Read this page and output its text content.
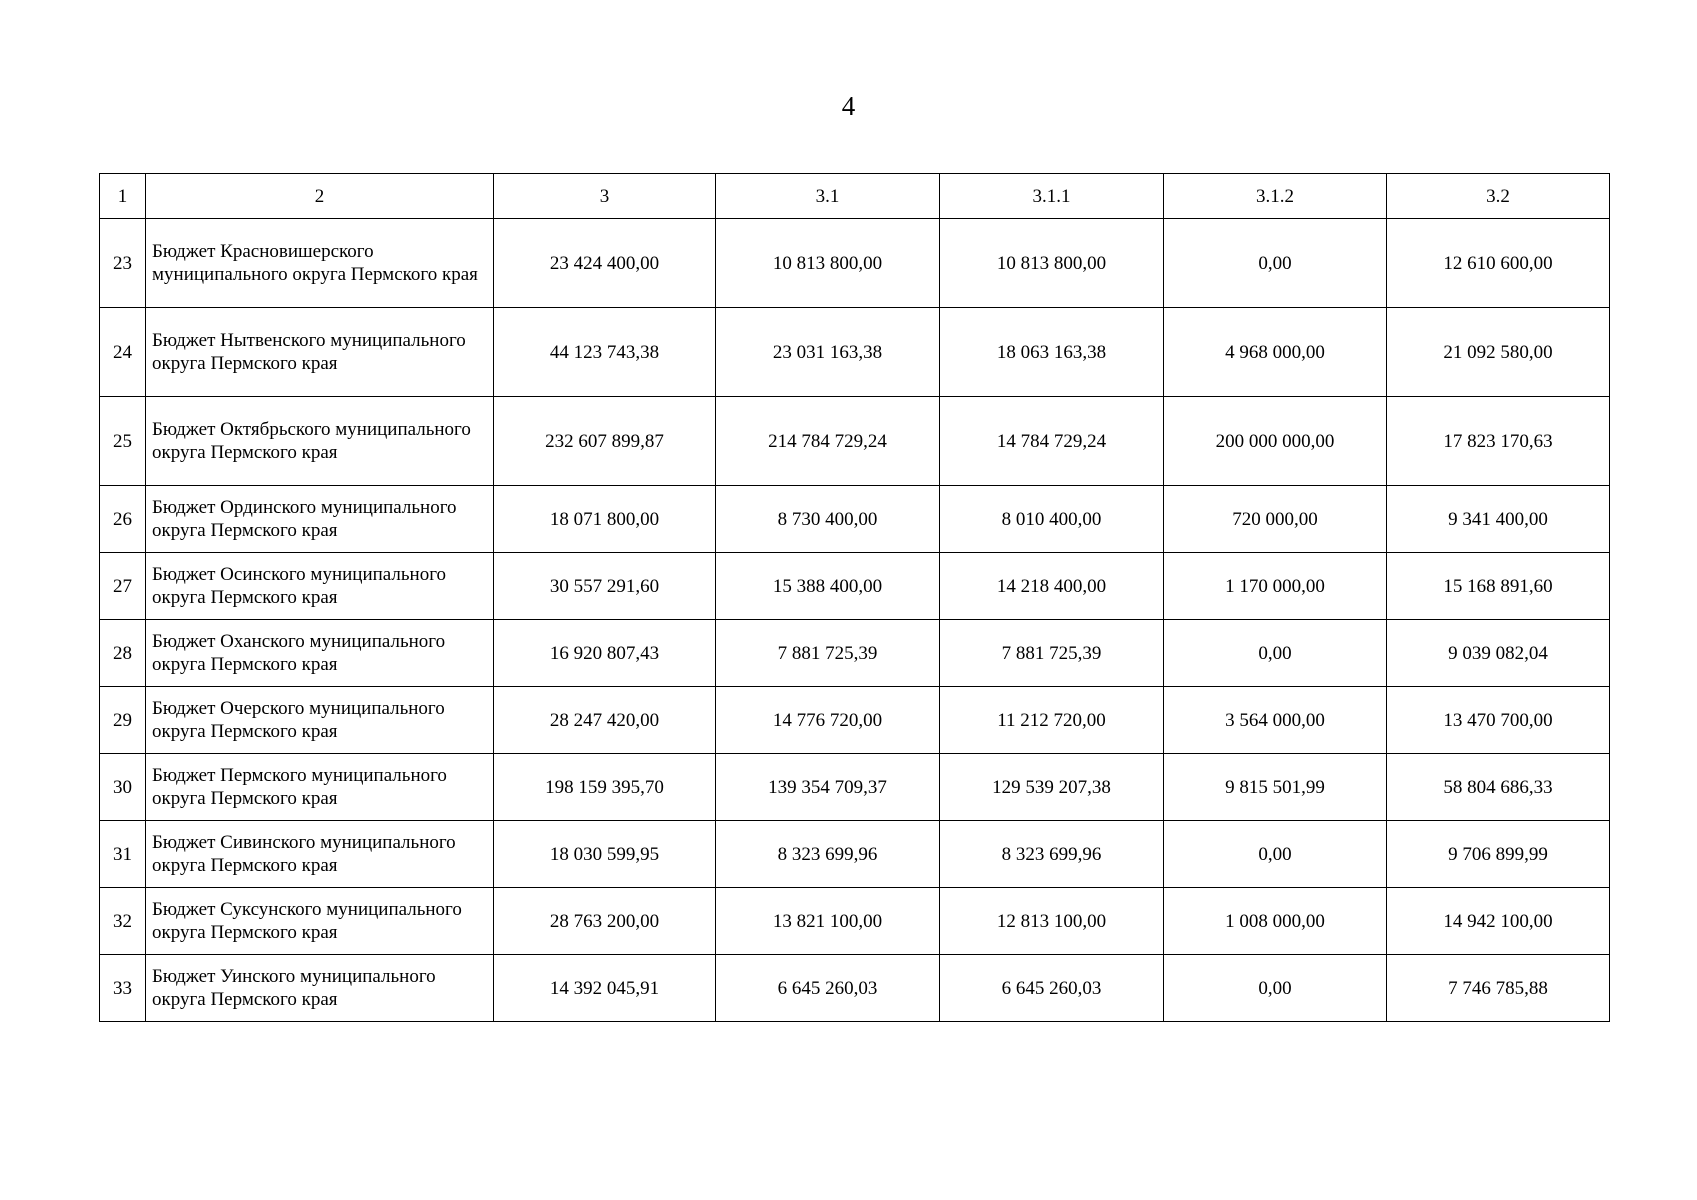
4
1	2	3	3.1	3.1.1	3.1.2	3.2
23	Бюджет Красновишерского муниципального округа Пермского края	23 424 400,00	10 813 800,00	10 813 800,00	0,00	12 610 600,00
24	Бюджет Нытвенского муниципального округа Пермского края	44 123 743,38	23 031 163,38	18 063 163,38	4 968 000,00	21 092 580,00
25	Бюджет Октябрьского муниципального округа Пермского края	232 607 899,87	214 784 729,24	14 784 729,24	200 000 000,00	17 823 170,63
26	Бюджет Ординского муниципального округа Пермского края	18 071 800,00	8 730 400,00	8 010 400,00	720 000,00	9 341 400,00
27	Бюджет Осинского муниципального округа Пермского края	30 557 291,60	15 388 400,00	14 218 400,00	1 170 000,00	15 168 891,60
28	Бюджет Оханского муниципального округа Пермского края	16 920 807,43	7 881 725,39	7 881 725,39	0,00	9 039 082,04
29	Бюджет Очерского муниципального округа Пермского края	28 247 420,00	14 776 720,00	11 212 720,00	3 564 000,00	13 470 700,00
30	Бюджет Пермского муниципального округа Пермского края	198 159 395,70	139 354 709,37	129 539 207,38	9 815 501,99	58 804 686,33
31	Бюджет Сивинского муниципального округа Пермского края	18 030 599,95	8 323 699,96	8 323 699,96	0,00	9 706 899,99
32	Бюджет Суксунского муниципального округа Пермского края	28 763 200,00	13 821 100,00	12 813 100,00	1 008 000,00	14 942 100,00
33	Бюджет Уинского муниципального округа Пермского края	14 392 045,91	6 645 260,03	6 645 260,03	0,00	7 746 785,88
